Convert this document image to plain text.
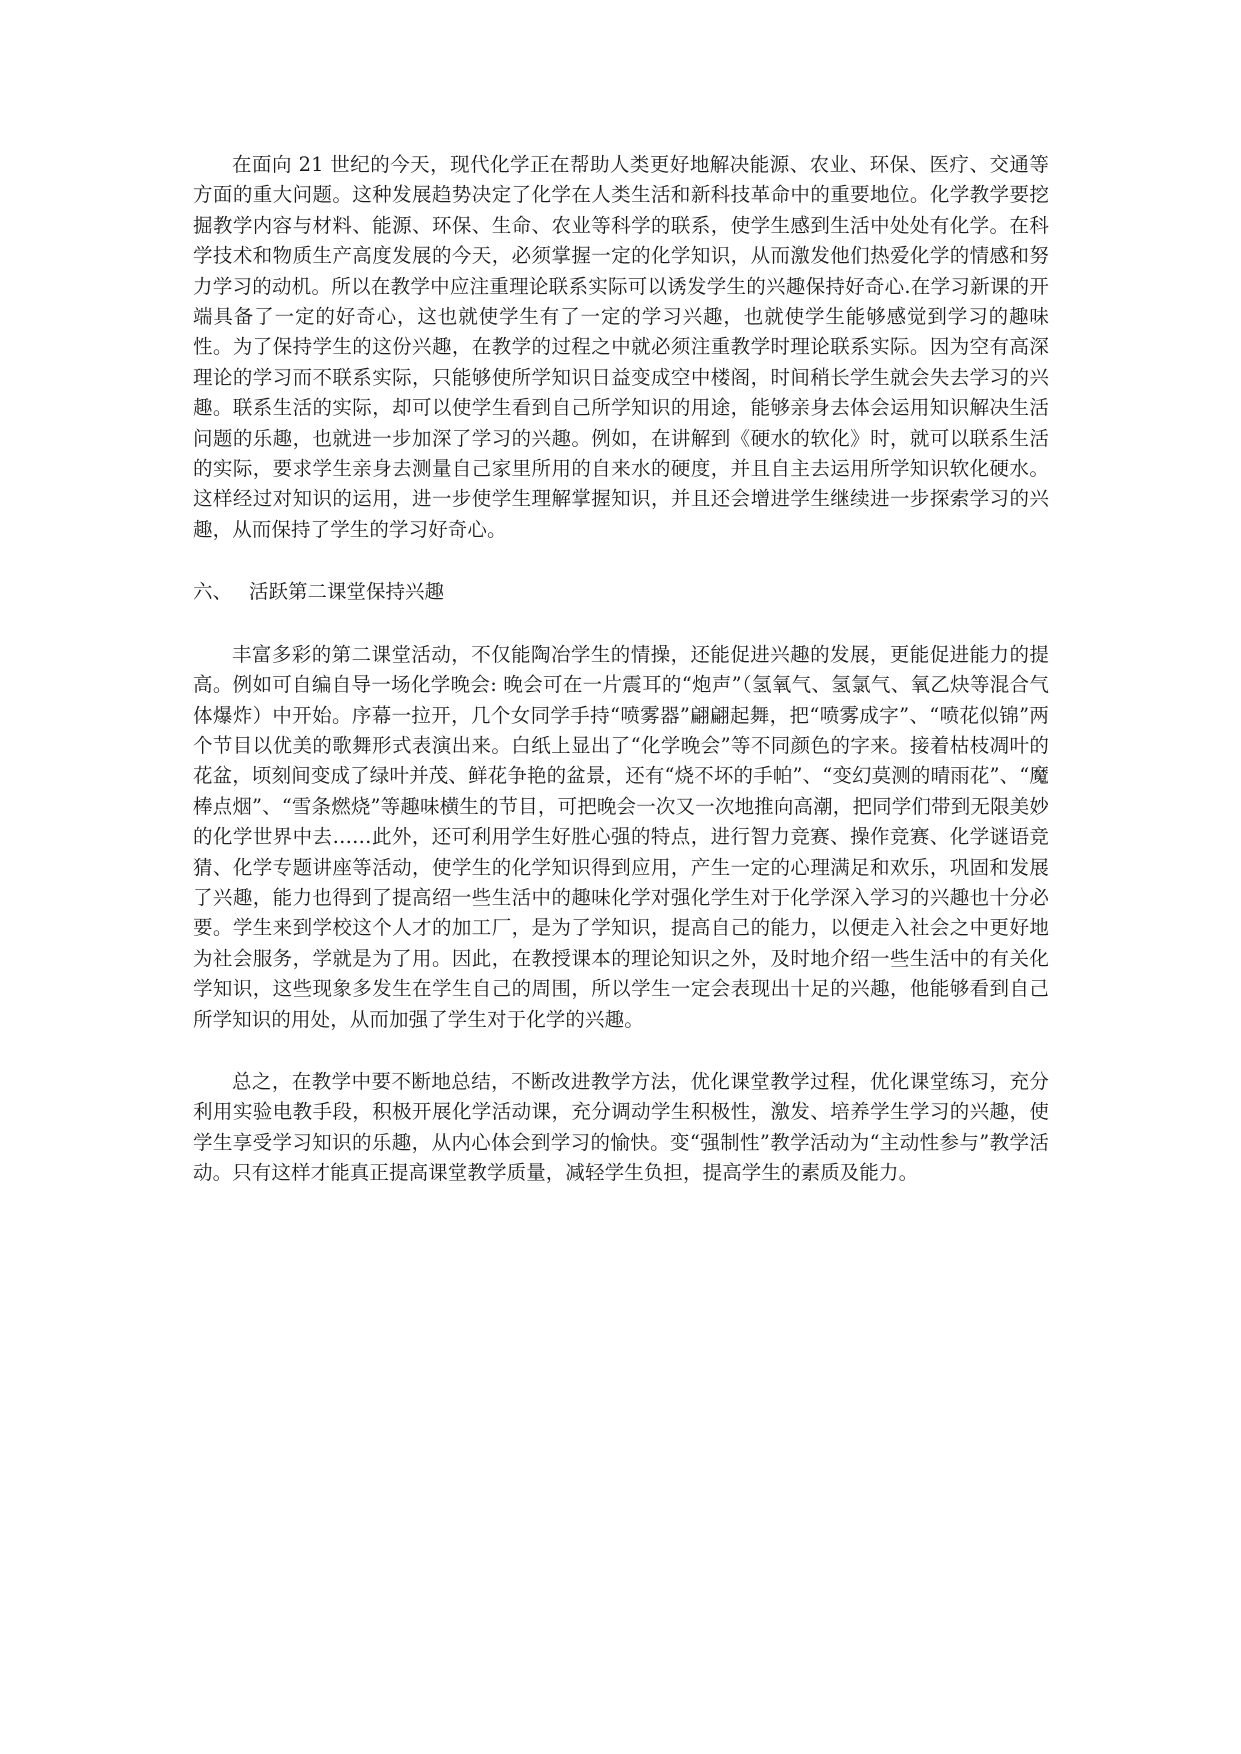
在面向 21 世纪的今天，现代化学正在帮助人类更好地解决能源、农业、环保、医疗、交通等方面的重大问题。这种发展趋势决定了化学在人类生活和新科技革命中的重要地位。化学教学要挖掘教学内容与材料、能源、环保、生命、农业等科学的联系，使学生感到生活中处处有化学。在科学技术和物质生产高度发展的今天，必须掌握一定的化学知识，从而激发他们热爱化学的情感和努力学习的动机。所以在教学中应注重理论联系实际可以诱发学生的兴趣保持好奇心.在学习新课的开端具备了一定的好奇心，这也就使学生有了一定的学习兴趣，也就使学生能够感觉到学习的趣味性。为了保持学生的这份兴趣，在教学的过程之中就必须注重教学时理论联系实际。因为空有高深理论的学习而不联系实际，只能够使所学知识日益变成空中楼阁，时间稍长学生就会失去学习的兴趣。联系生活的实际，却可以使学生看到自己所学知识的用途，能够亲身去体会运用知识解决生活问题的乐趣，也就进一步加深了学习的兴趣。例如，在讲解到《硬水的软化》时，就可以联系生活的实际，要求学生亲身去测量自己家里所用的自来水的硬度，并且自主去运用所学知识软化硬水。这样经过对知识的运用，进一步使学生理解掌握知识，并且还会增进学生继续进一步探索学习的兴趣，从而保持了学生的学习好奇心。

六、 活跃第二课堂保持兴趣

丰富多彩的第二课堂活动，不仅能陶冶学生的情操，还能促进兴趣的发展，更能促进能力的提高。例如可自编自导一场化学晚会: 晚会可在一片震耳的“炮声”（氢氧气、氢氯气、氧乙炔等混合气体爆炸）中开始。序幕一拉开，几个女同学手持“喷雾器”翩翩起舞，把“喷雾成字”、“喷花似锦”两个节目以优美的歌舞形式表演出来。白纸上显出了“化学晚会”等不同颜色的字来。接着枯枝凋叶的花盆，顷刻间变成了绿叶并茂、鲜花争艳的盆景，还有“烧不坏的手帕”、“变幻莫测的晴雨花”、“魔棒点烟”、“雪条燃烧”等趣味横生的节目，可把晚会一次又一次地推向高潮，把同学们带到无限美妙的化学世界中去……此外，还可利用学生好胜心强的特点，进行智力竞赛、操作竞赛、化学谜语竞猜、化学专题讲座等活动，使学生的化学知识得到应用，产生一定的心理满足和欢乐，巩固和发展了兴趣，能力也得到了提高绍一些生活中的趣味化学对强化学生对于化学深入学习的兴趣也十分必要。学生来到学校这个人才的加工厂，是为了学知识，提高自己的能力，以便走入社会之中更好地为社会服务，学就是为了用。因此，在教授课本的理论知识之外，及时地介绍一些生活中的有关化学知识，这些现象多发生在学生自己的周围，所以学生一定会表现出十足的兴趣，他能够看到自己所学知识的用处，从而加强了学生对于化学的兴趣。

总之，在教学中要不断地总结，不断改进教学方法，优化课堂教学过程，优化课堂练习，充分利用实验电教手段，积极开展化学活动课，充分调动学生积极性，激发、培养学生学习的兴趣，使学生享受学习知识的乐趣，从内心体会到学习的愉快。变“强制性”教学活动为“主动性参与”教学活动。只有这样才能真正提高课堂教学质量，减轻学生负担，提高学生的素质及能力。
